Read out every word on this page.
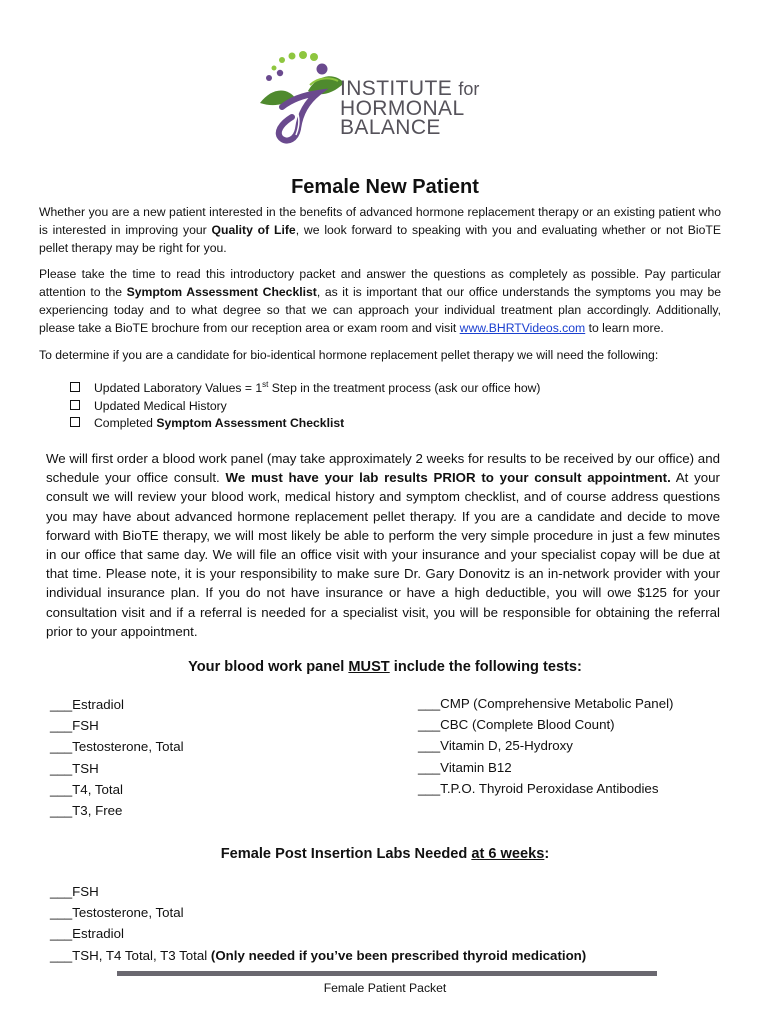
INSTITUTE for
HORMONAL
BALANCE
Female New Patient

Whether you are a new patient interested in the benefits of advanced hormone replacement therapy or an existing patient who is interested in improving your Quality of Life, we look forward to speaking with you and evaluating whether or not BioTE pellet therapy may be right for you.

Please take the time to read this introductory packet and answer the questions as completely as possible. Pay particular attention to the Symptom Assessment Checklist, as it is important that our office understands the symptoms you may be experiencing today and to what degree so that we can approach your individual treatment plan accordingly. Additionally, please take a BioTE brochure from our reception area or exam room and visit www.BHRTVideos.com to learn more.

To determine if you are a candidate for bio-identical hormone replacement pellet therapy we will need the following:

Updated Laboratory Values = 1st Step in the treatment process (ask our office how)
Updated Medical History
Completed Symptom Assessment Checklist

We will first order a blood work panel (may take approximately 2 weeks for results to be received by our office) and schedule your office consult. We must have your lab results PRIOR to your consult appointment. At your consult we will review your blood work, medical history and symptom checklist, and of course address questions you may have about advanced hormone replacement pellet therapy. If you are a candidate and decide to move forward with BioTE therapy, we will most likely be able to perform the very simple procedure in just a few minutes in our office that same day. We will file an office visit with your insurance and your specialist copay will be due at that time. Please note, it is your responsibility to make sure Dr. Gary Donovitz is an in-network provider with your individual insurance plan. If you do not have insurance or have a high deductible, you will owe $125 for your consultation visit and if a referral is needed for a specialist visit, you will be responsible for obtaining the referral prior to your appointment.

Your blood work panel MUST include the following tests:

___Estradiol
___FSH
___Testosterone, Total
___TSH
___T4, Total
___T3, Free
___CMP (Comprehensive Metabolic Panel)
___CBC (Complete Blood Count)
___Vitamin D, 25-Hydroxy
___Vitamin B12
___T.P.O. Thyroid Peroxidase Antibodies

Female Post Insertion Labs Needed at 6 weeks:

___FSH
___Testosterone, Total
___Estradiol
___TSH, T4 Total, T3 Total (Only needed if you’ve been prescribed thyroid medication)
Female Patient Packet
